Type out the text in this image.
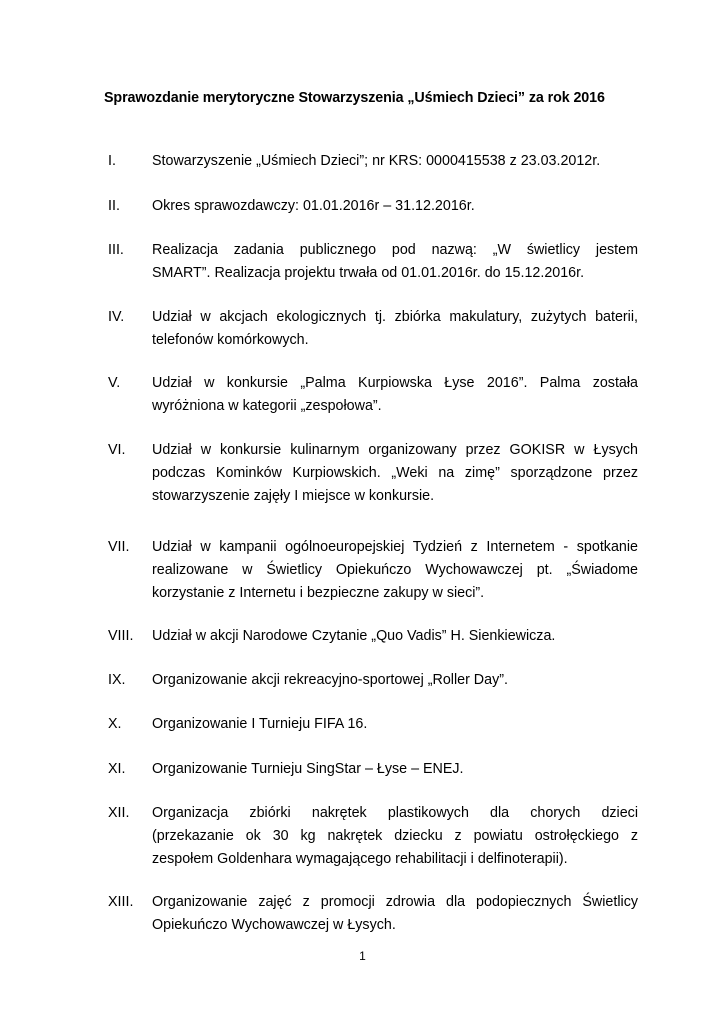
Sprawozdanie merytoryczne Stowarzyszenia „Uśmiech Dzieci” za rok 2016
I.	Stowarzyszenie „Uśmiech Dzieci”; nr KRS: 0000415538 z 23.03.2012r.
II.	Okres sprawozdawczy: 01.01.2016r – 31.12.2016r.
III.	Realizacja zadania publicznego pod nazwą: „W świetlicy jestem
SMART”. Realizacja projektu trwała od 01.01.2016r. do 15.12.2016r.
IV.	Udział w akcjach ekologicznych tj. zbiórka makulatury, zużytych baterii,
telefonów komórkowych.
V.	Udział w konkursie „Palma Kurpiowska Łyse 2016”. Palma została
wyróżniona w kategorii „zespołowa”.
VI.	Udział w konkursie kulinarnym organizowany przez GOKISR w Łysych
podczas Kominków Kurpiowskich. „Weki na zimę” sporządzone przez
stowarzyszenie zajęły I miejsce w konkursie.
VII.	Udział w kampanii ogólnoeuropejskiej Tydzień z Internetem - spotkanie
realizowane w Świetlicy Opiekuńczo Wychowawczej pt. „Świadome
korzystanie z Internetu i bezpieczne zakupy w sieci”.
VIII.	Udział w akcji Narodowe Czytanie „Quo Vadis” H. Sienkiewicza.
IX.	Organizowanie akcji rekreacyjno-sportowej „Roller Day”.
X.	Organizowanie I Turnieju FIFA 16.
XI.	Organizowanie Turnieju SingStar – Łyse – ENEJ.
XII.	Organizacja zbiórki nakrętek plastikowych dla chorych dzieci
(przekazanie ok 30 kg nakrętek dziecku z powiatu ostrołęckiego z
zespołem Goldenhara wymagającego rehabilitacji i delfinoterapii).
XIII.	Organizowanie zajęć z promocji zdrowia dla podopiecznych Świetlicy
Opiekuńczo Wychowawczej w Łysych.
1
